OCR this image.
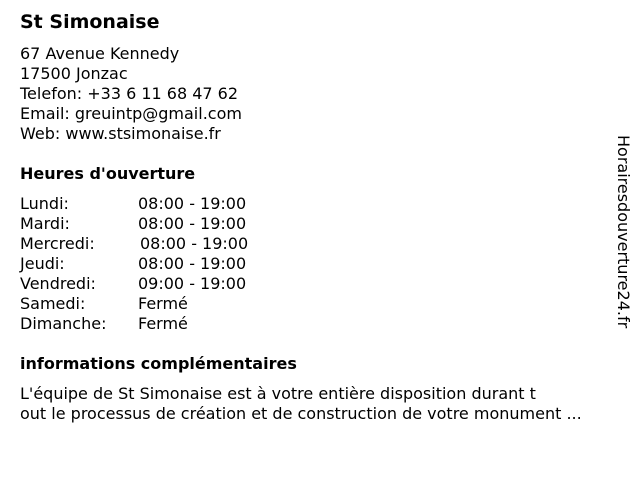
St Simonaise
67 Avenue Kennedy
17500 Jonzac
Telefon: +33 6 11 68 47 62
Email: greuintp@gmail.com
Web: www.stsimonaise.fr
Heures d'ouverture
Lundi:	08:00 - 19:00
Mardi:	08:00 - 19:00
Mercredi:	08:00 - 19:00
Jeudi:	08:00 - 19:00
Vendredi:	09:00 - 19:00
Samedi:	Fermé
Dimanche: Fermé
informations complémentaires
L'équipe de St Simonaise est à votre entière disposition durant t
out le processus de création et de construction de votre monument ...
Horairesdouverture24.fr
